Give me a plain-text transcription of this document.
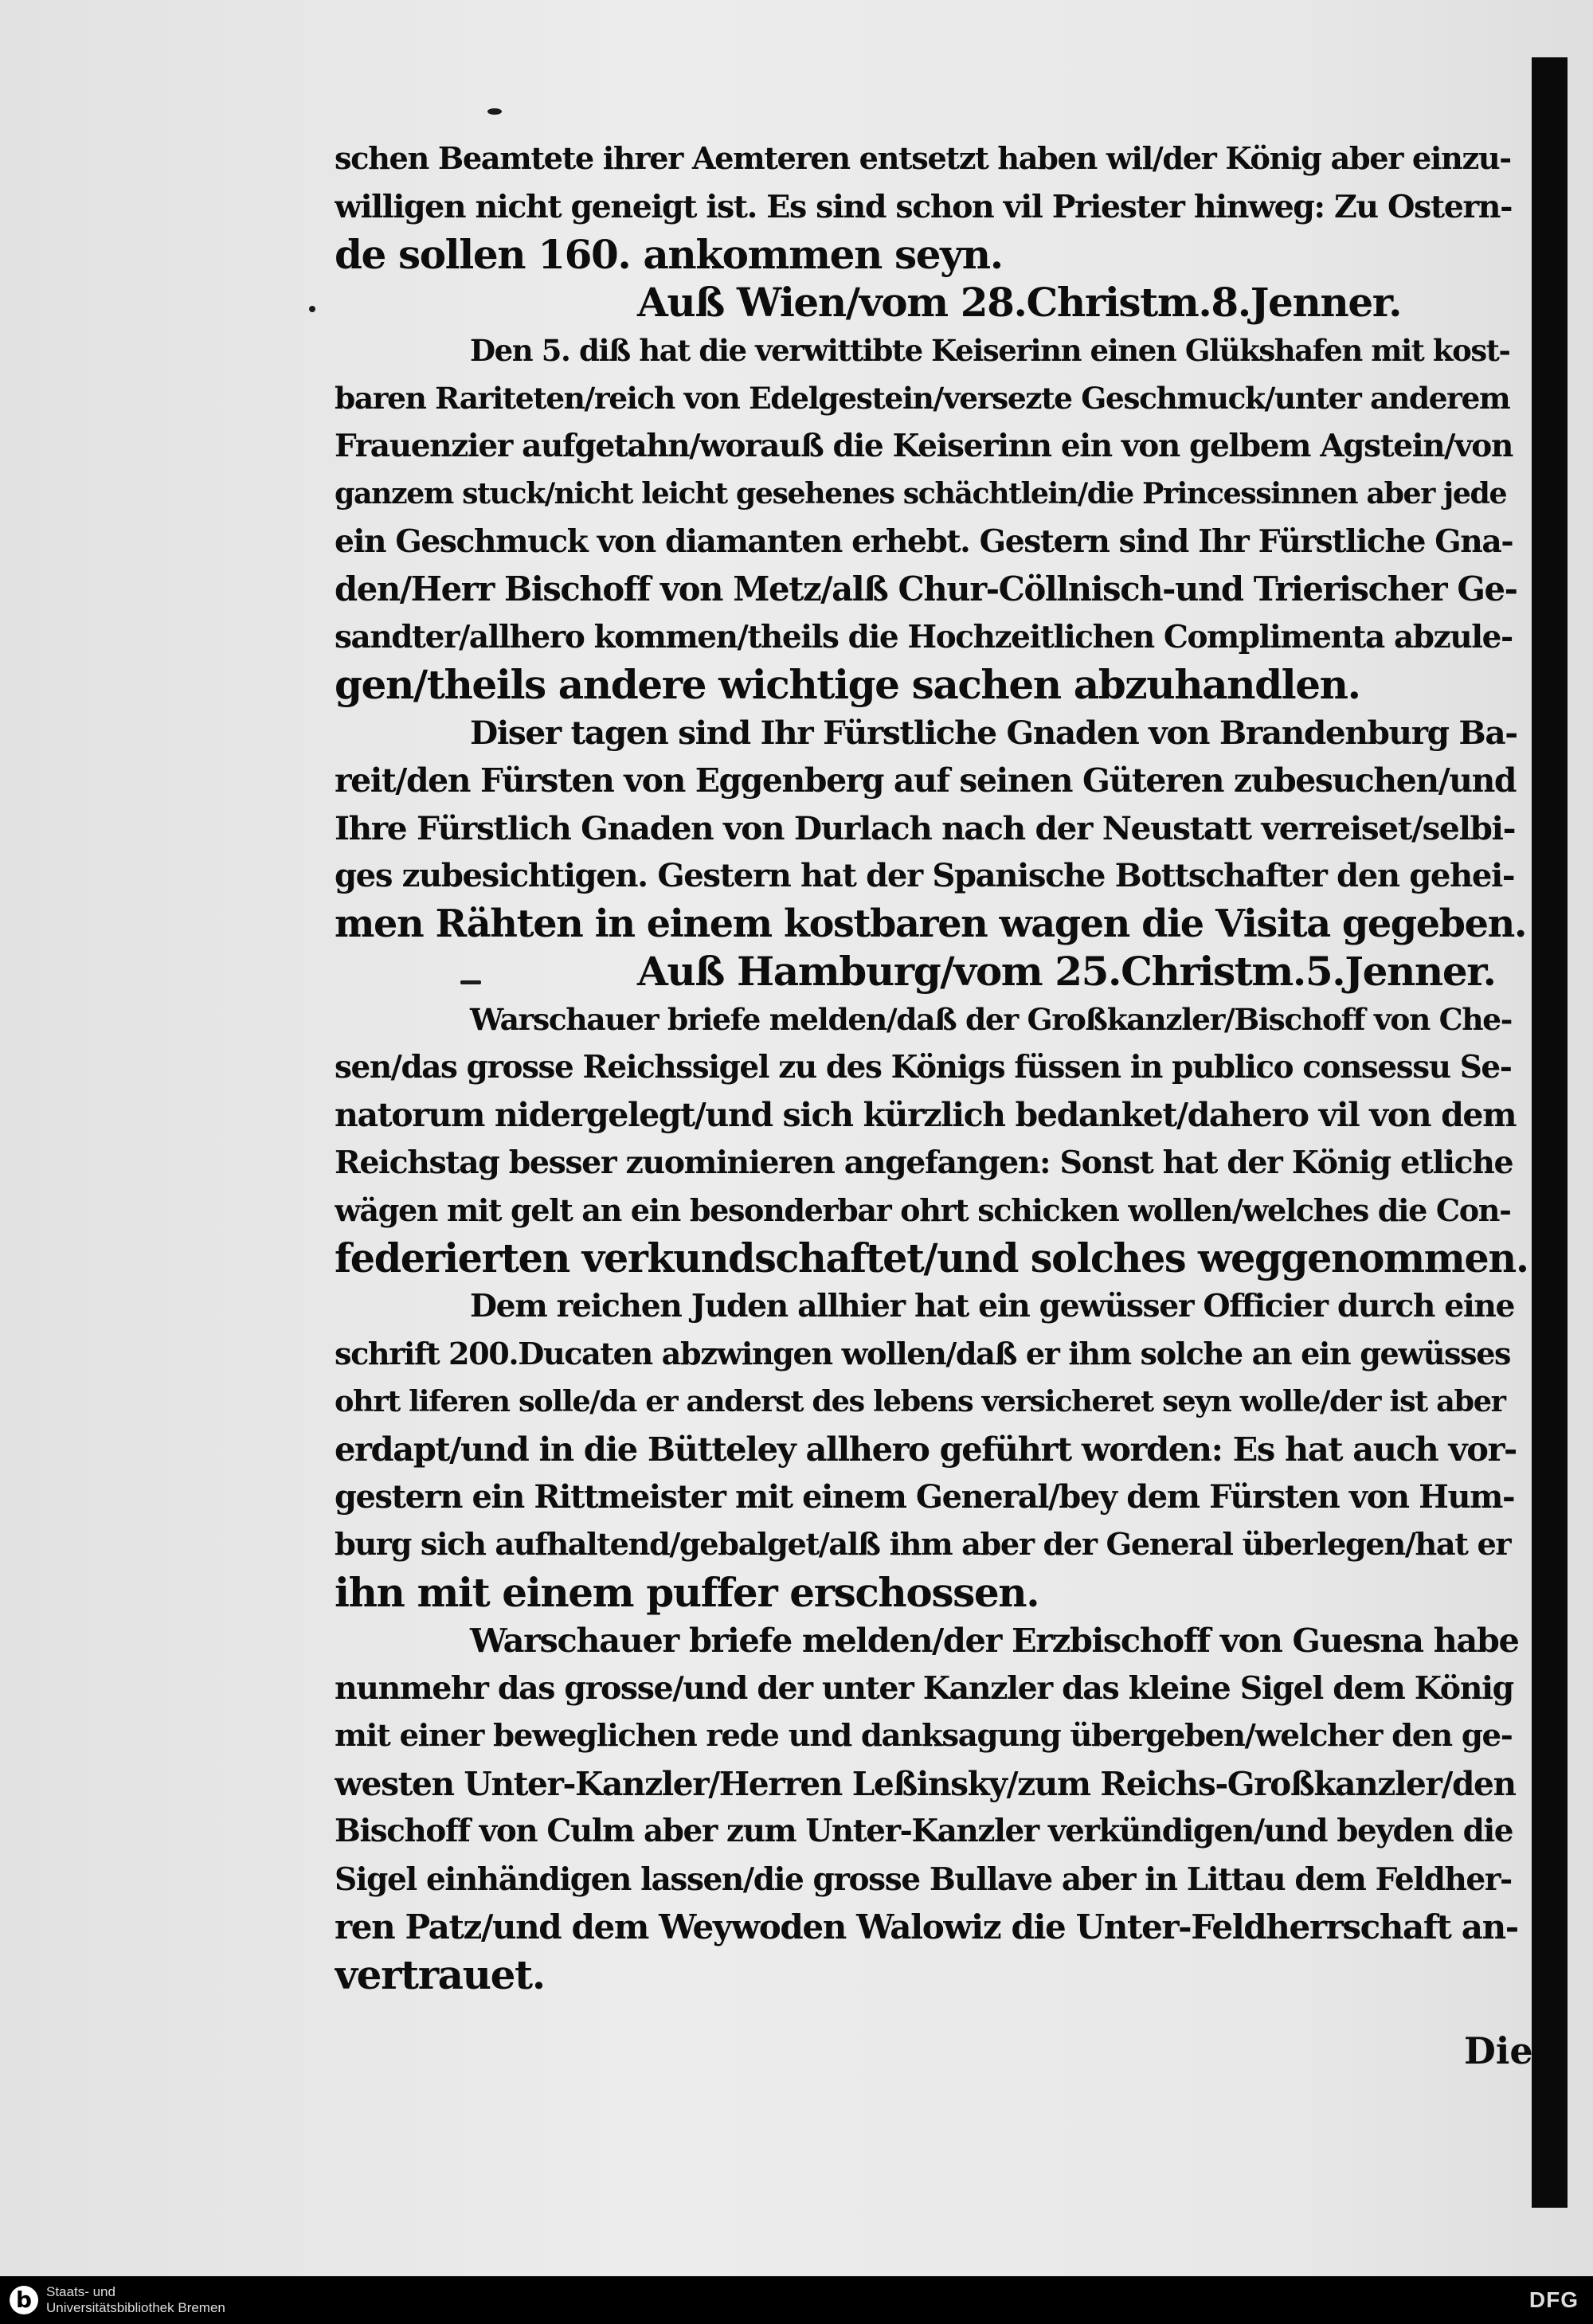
schen Beamtete ihrer Aemteren entsetzt haben wil/der König aber einzu-
willigen nicht geneigt ist. Es sind schon vil Priester hinweg: Zu Ostern-
de sollen 160. ankommen seyn.
Auß Wien/vom 28.Christm.8.Jenner.
Den 5. diß hat die verwittibte Keiserinn einen Glükshafen mit kost-
baren Rariteten/reich von Edelgestein/versezte Geschmuck/unter anderem
Frauenzier aufgetahn/worauß die Keiserinn ein von gelbem Agstein/von
ganzem stuck/nicht leicht gesehenes schächtlein/die Princessinnen aber jede
ein Geschmuck von diamanten erhebt. Gestern sind Ihr Fürstliche Gna-
den/Herr Bischoff von Metz/alß Chur-Cöllnisch-und Trierischer Ge-
sandter/allhero kommen/theils die Hochzeitlichen Complimenta abzule-
gen/theils andere wichtige sachen abzuhandlen.
Diser tagen sind Ihr Fürstliche Gnaden von Brandenburg Ba-
reit/den Fürsten von Eggenberg auf seinen Güteren zubesuchen/und
Ihre Fürstlich Gnaden von Durlach nach der Neustatt verreiset/selbi-
ges zubesichtigen. Gestern hat der Spanische Bottschafter den gehei-
men Rähten in einem kostbaren wagen die Visita gegeben.
Auß Hamburg/vom 25.Christm.5.Jenner.
Warschauer briefe melden/daß der Großkanzler/Bischoff von Che-
sen/das grosse Reichssigel zu des Königs füssen in publico consessu Se-
natorum nidergelegt/und sich kürzlich bedanket/dahero vil von dem
Reichstag besser zuominieren angefangen: Sonst hat der König etliche
wägen mit gelt an ein besonderbar ohrt schicken wollen/welches die Con-
federierten verkundschaftet/und solches weggenommen.
Dem reichen Juden allhier hat ein gewüsser Officier durch eine
schrift 200.Ducaten abzwingen wollen/daß er ihm solche an ein gewüsses
ohrt liferen solle/da er anderst des lebens versicheret seyn wolle/der ist aber
erdapt/und in die Bütteley allhero geführt worden: Es hat auch vor-
gestern ein Rittmeister mit einem General/bey dem Fürsten von Hum-
burg sich aufhaltend/gebalget/alß ihm aber der General überlegen/hat er
ihn mit einem puffer erschossen.
Warschauer briefe melden/der Erzbischoff von Guesna habe
nunmehr das grosse/und der unter Kanzler das kleine Sigel dem König
mit einer beweglichen rede und danksagung übergeben/welcher den ge-
westen Unter-Kanzler/Herren Leßinsky/zum Reichs-Großkanzler/den
Bischoff von Culm aber zum Unter-Kanzler verkündigen/und beyden die
Sigel einhändigen lassen/die grosse Bullave aber in Littau dem Feldher-
ren Patz/und dem Weywoden Walowiz die Unter-Feldherrschaft an-
vertrauet.
Die
b	Staats- und
Universitätsbibliothek Bremen	DFG
